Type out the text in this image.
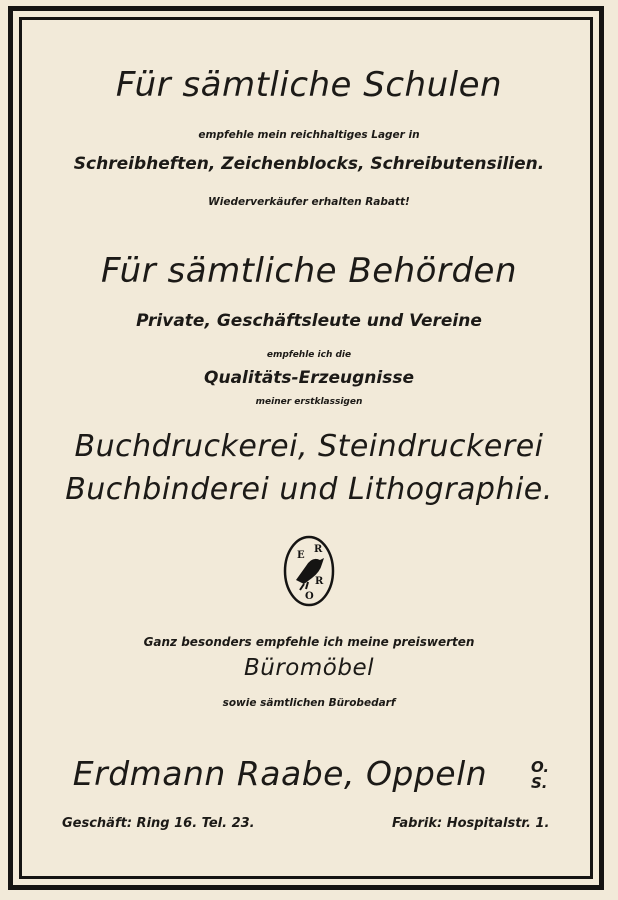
Für sämtliche Schulen
empfehle mein reichhaltiges Lager in
Schreibheften, Zeichenblocks, Schreibutensilien.
Wiederverkäufer erhalten Rabatt!
Für sämtliche Behörden
Private, Geschäftsleute und Vereine
empfehle ich die
Qualitäts-Erzeugnisse
meiner erstklassigen
Buchdruckerei, Steindruckerei
Buchbinderei und Lithographie.
E
R
R
O
Ganz besonders empfehle ich meine preiswerten
Büromöbel
sowie sämtlichen Bürobedarf
Erdmann Raabe, Oppeln	O.
S.
Geschäft: Ring 16. Tel. 23.	Fabrik: Hospitalstr. 1.
